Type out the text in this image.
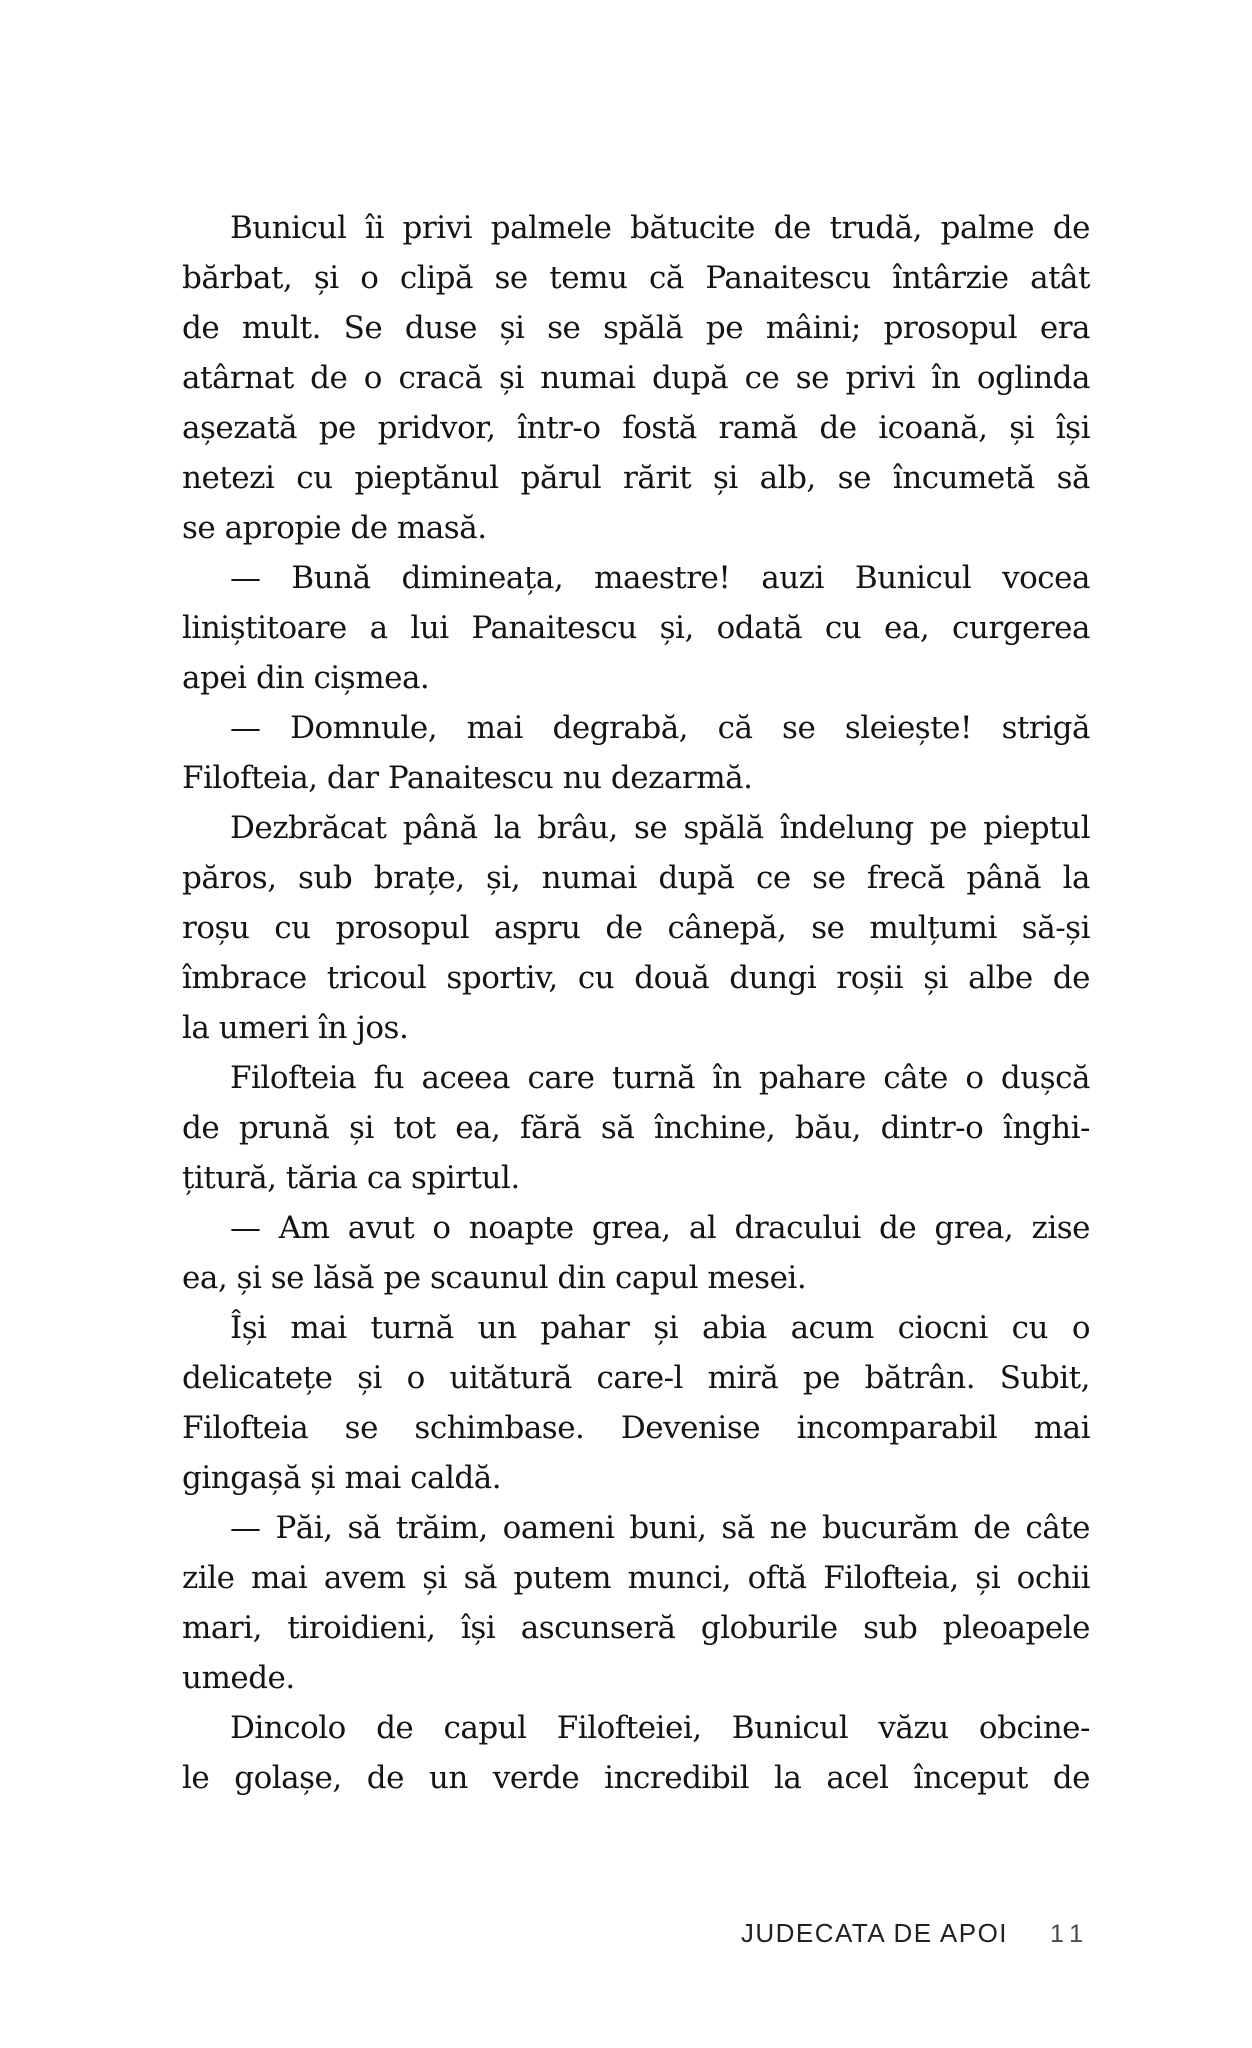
Bunicul îi privi palmele bătucite de trudă, palme de
bărbat, și o clipă se temu că Panaitescu întârzie atât
de mult. Se duse și se spălă pe mâini; prosopul era
atârnat de o cracă și numai după ce se privi în oglinda
așezată pe pridvor, într-o fostă ramă de icoană, și își
netezi cu pieptănul părul rărit și alb, se încumetă să
se apropie de masă.
— Bună dimineața, maestre! auzi Bunicul vocea
liniștitoare a lui Panaitescu și, odată cu ea, curgerea
apei din cișmea.
— Domnule, mai degrabă, că se sleiește! strigă
Filofteia, dar Panaitescu nu dezarmă.
Dezbrăcat până la brâu, se spălă îndelung pe pieptul
păros, sub brațe, și, numai după ce se frecă până la
roșu cu prosopul aspru de cânepă, se mulțumi să-și
îmbrace tricoul sportiv, cu două dungi roșii și albe de
la umeri în jos.
Filofteia fu aceea care turnă în pahare câte o dușcă
de prună și tot ea, fără să închine, bău, dintr-o înghi-
țitură, tăria ca spirtul.
— Am avut o noapte grea, al dracului de grea, zise
ea, și se lăsă pe scaunul din capul mesei.
Își mai turnă un pahar și abia acum ciocni cu o
delicatețe și o uitătură care-l miră pe bătrân. Subit,
Filofteia se schimbase. Devenise incomparabil mai
gingașă și mai caldă.
— Păi, să trăim, oameni buni, să ne bucurăm de câte
zile mai avem și să putem munci, oftă Filofteia, și ochii
mari, tiroidieni, își ascunseră globurile sub pleoapele
umede.
Dincolo de capul Filofteiei, Bunicul văzu obcine-
le golașe, de un verde incredibil la acel început de
JUDECATA DE APOI 11
